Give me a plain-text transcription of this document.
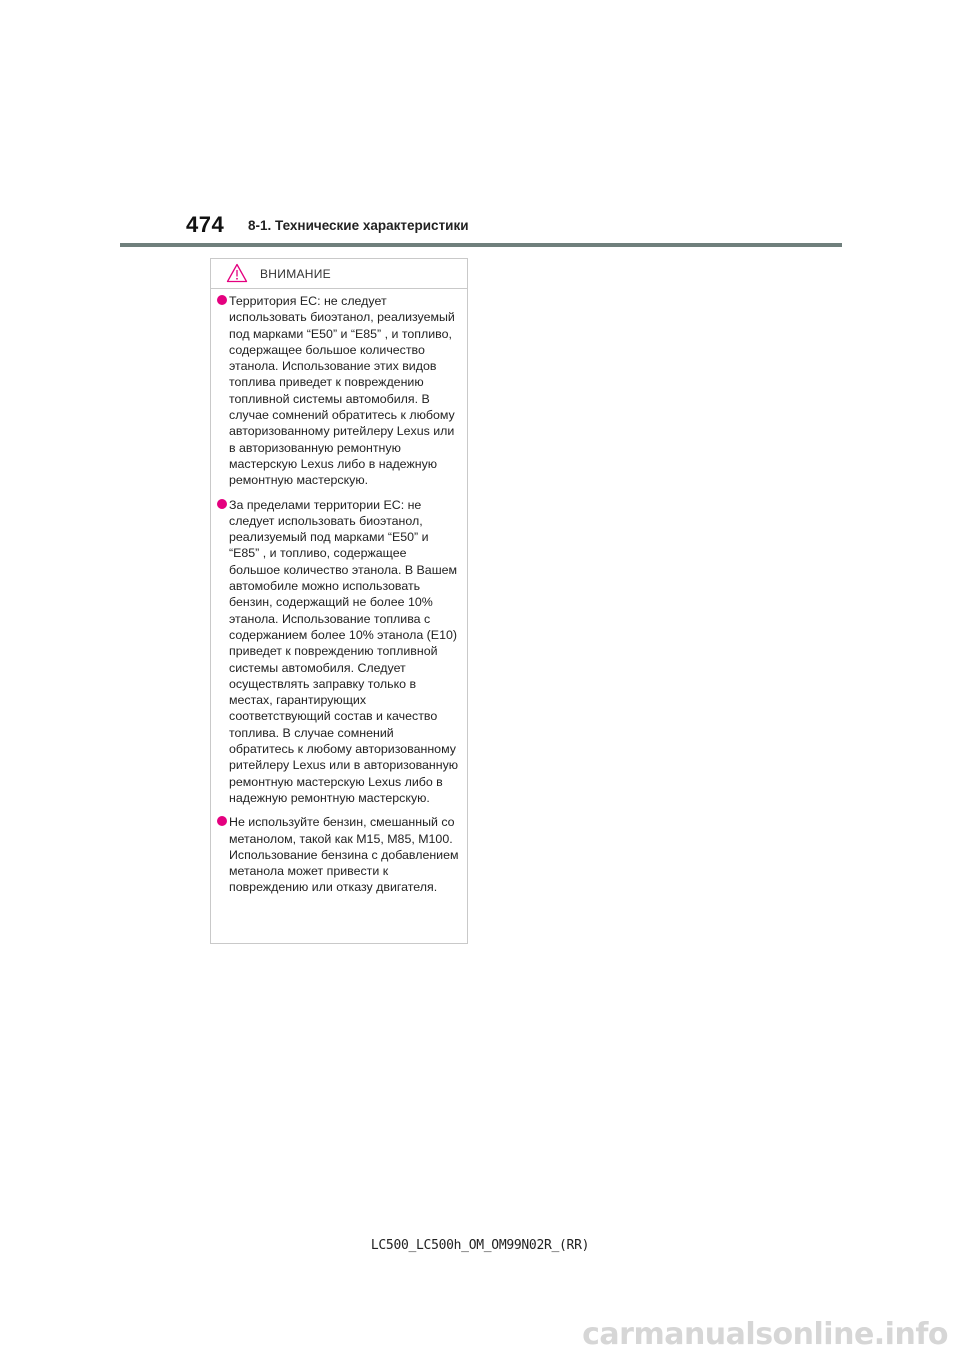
474 8-1. Технические характеристики
ВНИМАНИЕ
Территория ЕС: не следует использовать биоэтанол, реализуемый под марками “E50” и “E85” , и топливо, содержащее большое количество этанола. Использование этих видов топлива приведет к повреждению топливной системы автомобиля. В случае сомнений обратитесь к любому авторизованному ритейлеру Lexus или в авторизованную ремонтную мастерскую Lexus либо в надежную ремонтную мастерскую.
За пределами территории ЕС: не следует использовать биоэтанол, реализуемый под марками “E50” и “E85” , и топливо, содержащее большое количество этанола. В Вашем автомобиле можно использовать бензин, содержащий не более 10% этанола. Использование топлива с содержанием более 10% этанола (E10) приведет к повреждению топливной системы автомобиля. Следует осуществлять заправку только в местах, гарантирующих соответствующий состав и качество топлива. В случае сомнений обратитесь к любому авторизованному ритейлеру Lexus или в авторизованную ремонтную мастерскую Lexus либо в надежную ремонтную мастерскую.
Не используйте бензин, смешанный со метанолом, такой как M15, M85, M100. Использование бензина с добавлением метанола может привести к повреждению или отказу двигателя.
LC500_LC500h_OM_OM99N02R_(RR)
carmanualsonline.info
